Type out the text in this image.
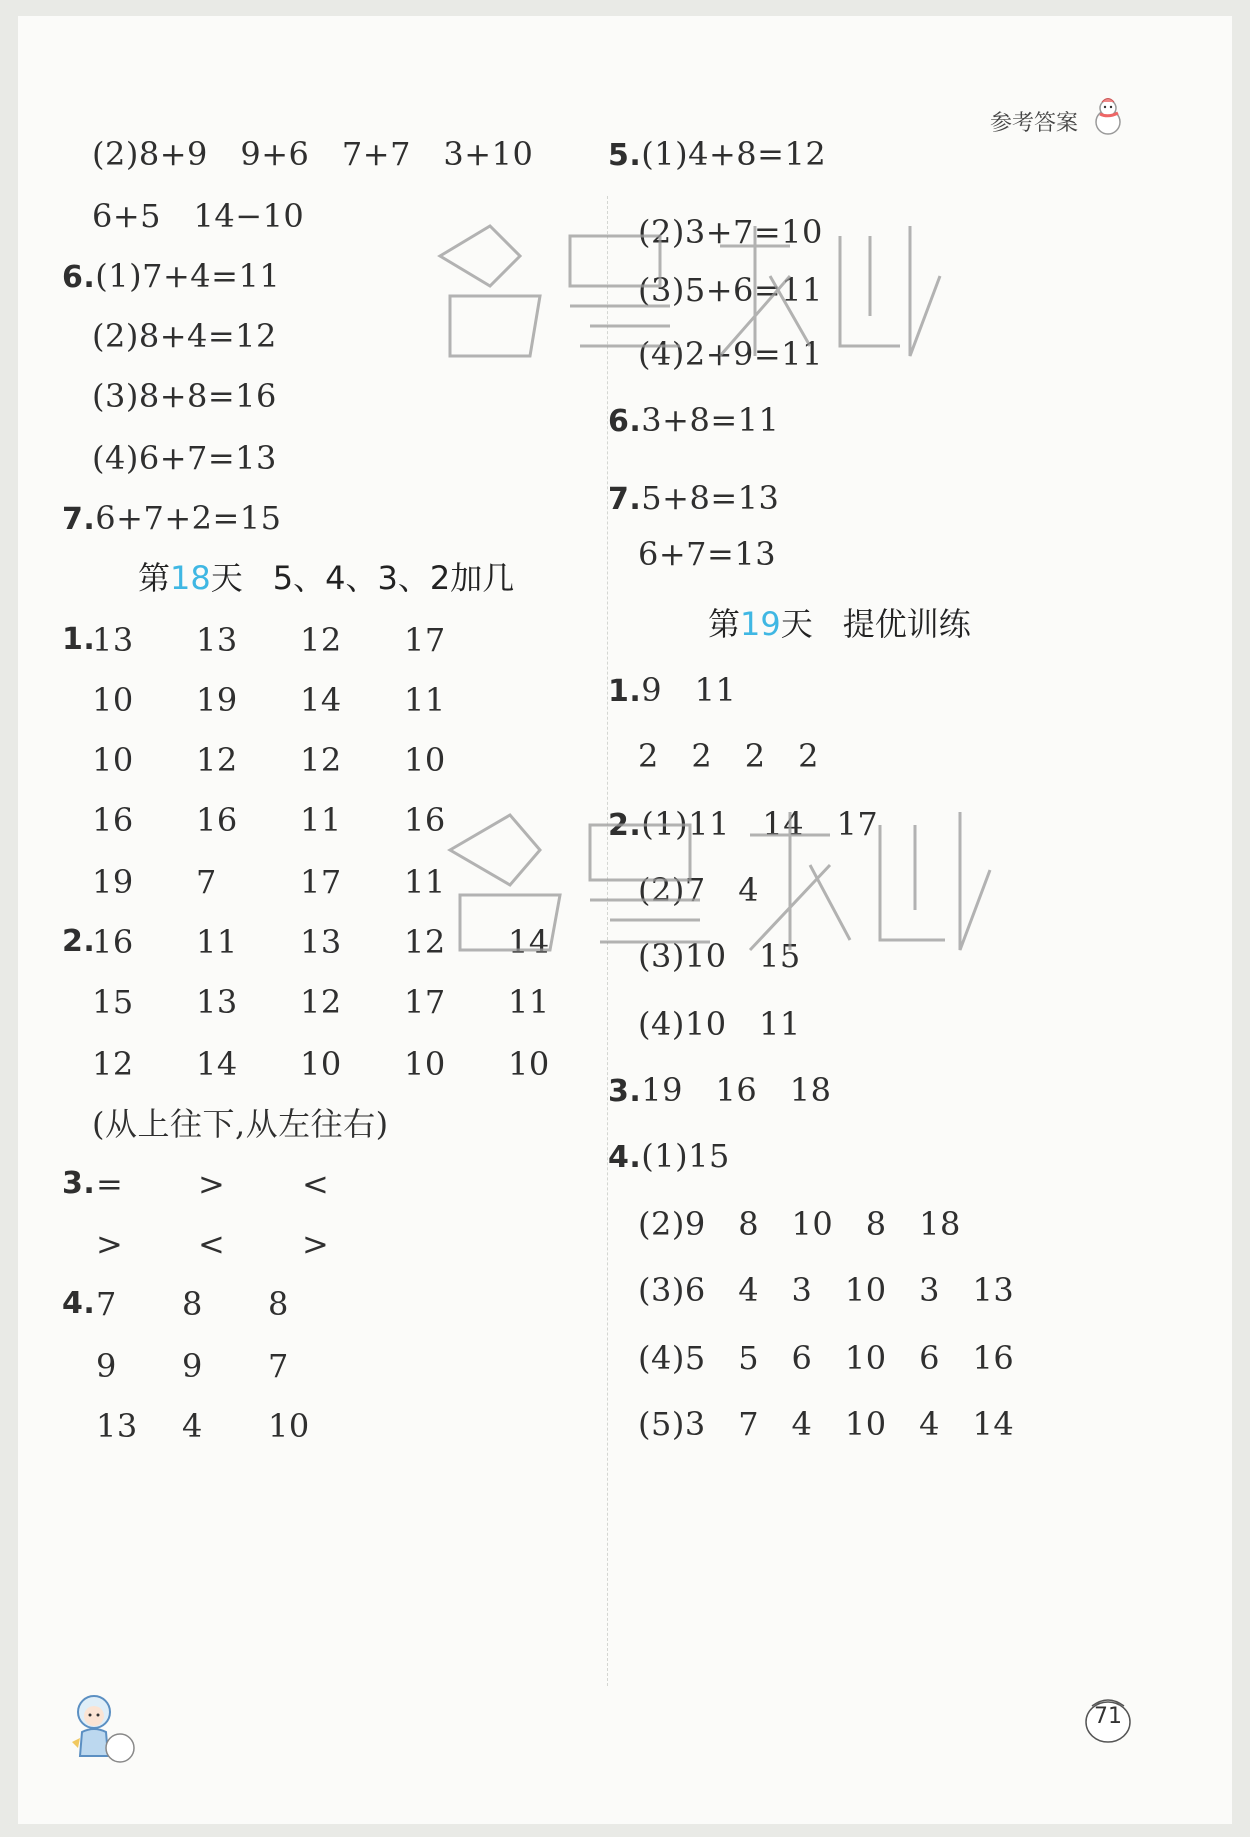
参考答案
(2)8+9　9+6　7+7　3+10
6+5　14−10
6.(1)7+4=11
(2)8+4=12
(3)8+8=16
(4)6+7=13
7.6+7+2=15
第18天 5、4、3、2加几
1.
13 13 12 17
10 19 14 11
10 12 12 10
16 16 11 16
19 7	17 11
2.
16 11 13 12 14
15 13 12 17 11
12 14 10 10 10
(从上往下,从左往右)
3. = > <
> < >
4. 7 8 8
9 9 7
13 4 10
5.(1)4+8=12
(2)3+7=10
(3)5+6=11
(4)2+9=11
6.3+8=11
7.5+8=13
6+7=13
第19天 提优训练
1.9　11
2　2　2　2
2.(1)11　14　17
(2)7　4
(3)10　15
(4)10　11
3.19　16　18
4.(1)15
(2)9　8　10　8　18
(3)6　4　3　10　3　13
(4)5　5　6　10　6　16
(5)3　7　4　10　4　14
71
